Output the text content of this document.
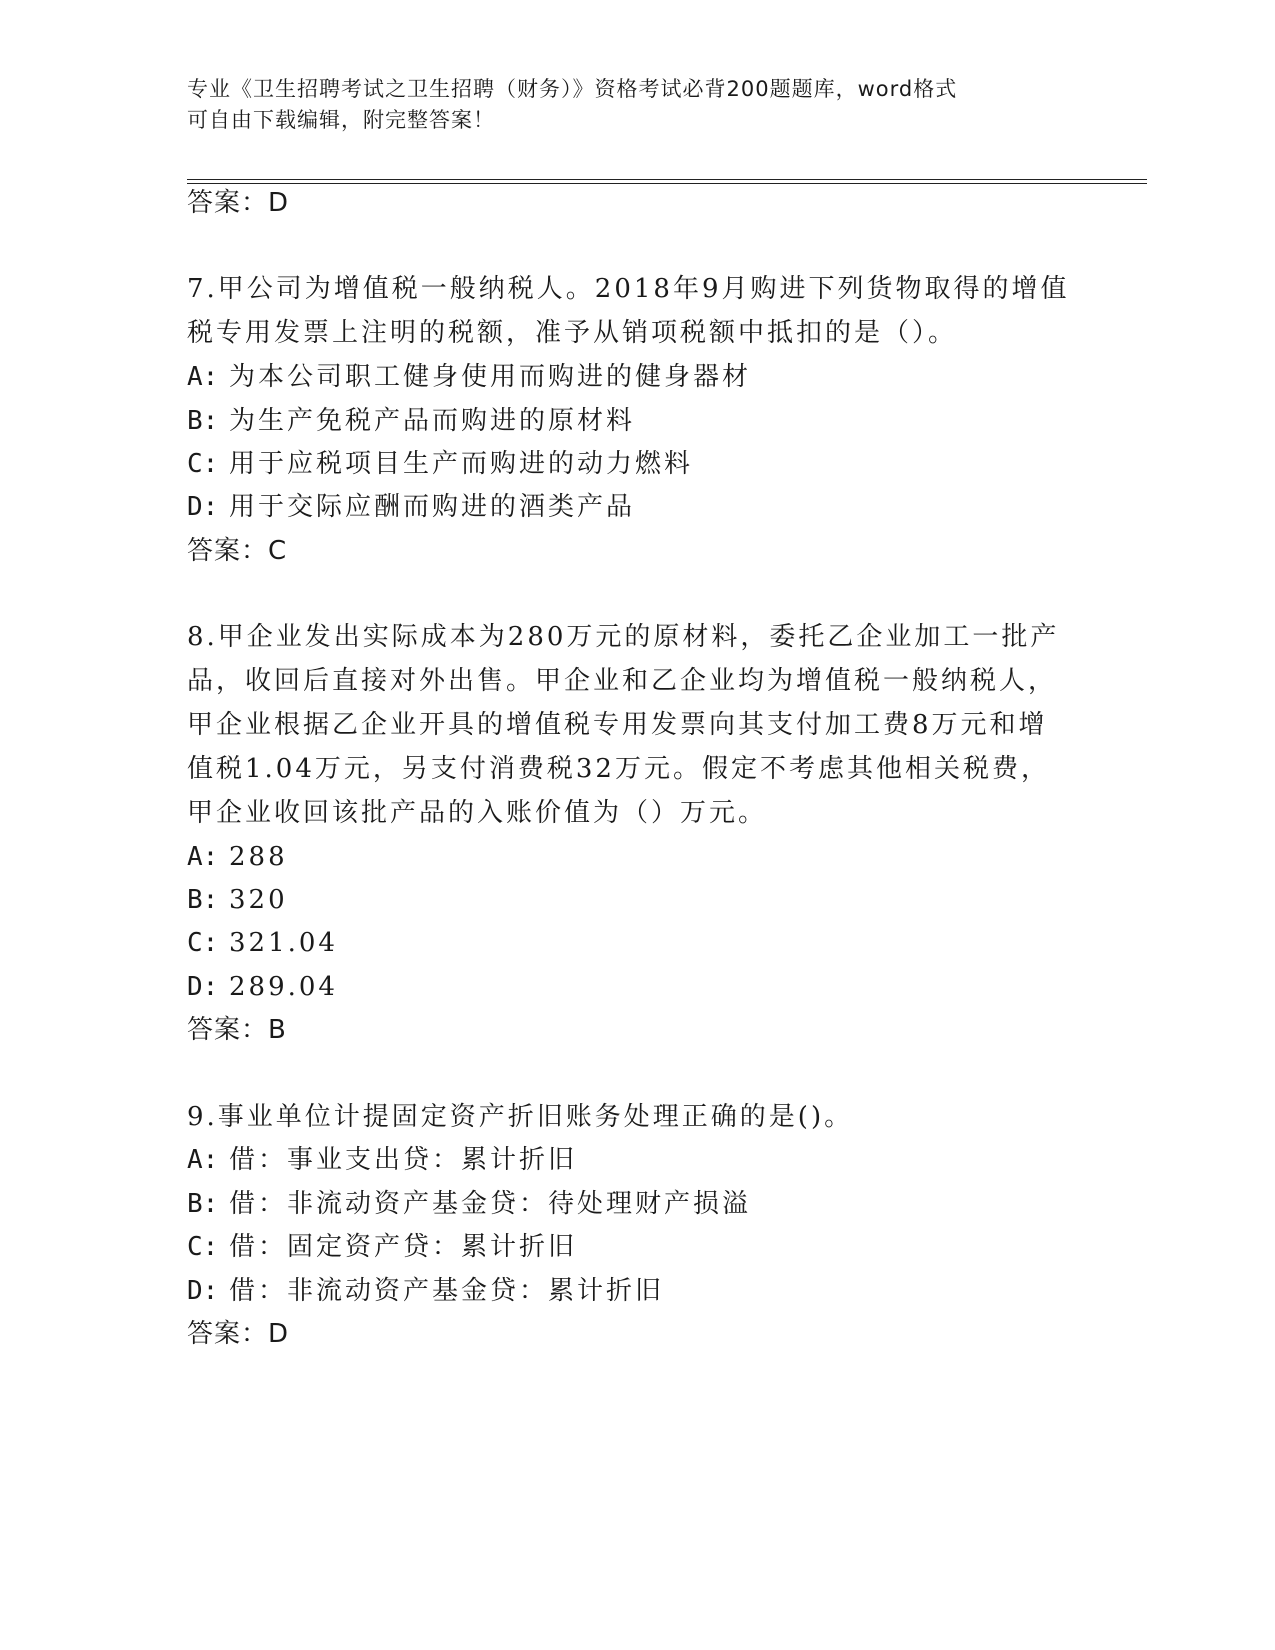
专业《卫生招聘考试之卫生招聘（财务）》资格考试必背200题题库，word格式
可自由下载编辑，附完整答案！
答案：D
7.甲公司为增值税一般纳税人。2018年9月购进下列货物取得的增值
税专用发票上注明的税额，准予从销项税额中抵扣的是（）。
A: 为本公司职工健身使用而购进的健身器材
B: 为生产免税产品而购进的原材料
C: 用于应税项目生产而购进的动力燃料
D: 用于交际应酬而购进的酒类产品
答案：C
8.甲企业发出实际成本为280万元的原材料，委托乙企业加工一批产
品，收回后直接对外出售。甲企业和乙企业均为增值税一般纳税人，
甲企业根据乙企业开具的增值税专用发票向其支付加工费8万元和增
值税1.04万元，另支付消费税32万元。假定不考虑其他相关税费，
甲企业收回该批产品的入账价值为（）万元。
A: 288
B: 320
C: 321.04
D: 289.04
答案：B
9.事业单位计提固定资产折旧账务处理正确的是()。
A: 借：事业支出贷：累计折旧
B: 借：非流动资产基金贷：待处理财产损溢
C: 借：固定资产贷：累计折旧
D: 借：非流动资产基金贷：累计折旧
答案：D
